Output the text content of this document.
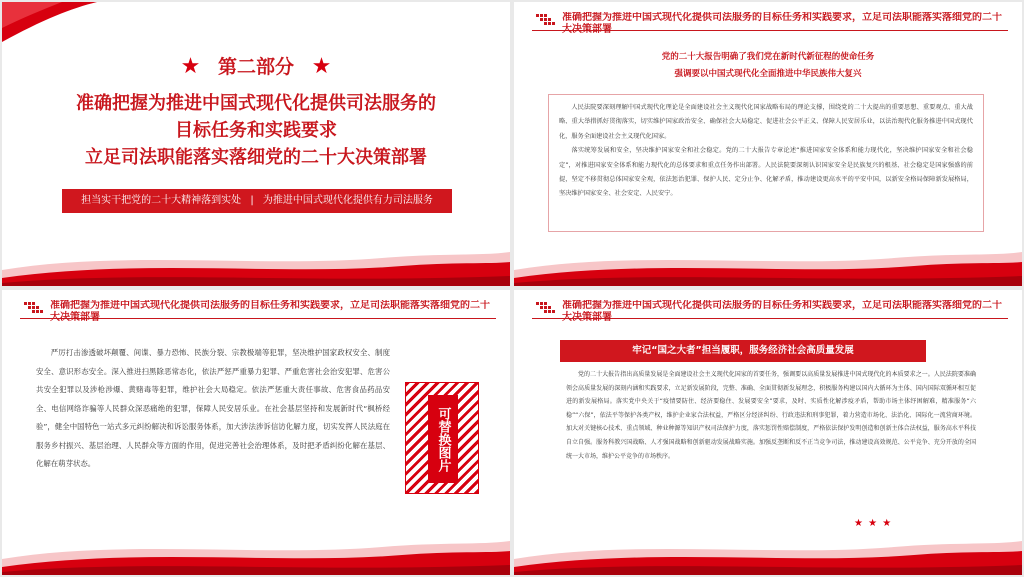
★ 第二部分 ★
准确把握为推进中国式现代化提供司法服务的
目标任务和实践要求
立足司法职能落实落细党的二十大决策部署
担当实干把党的二十大精神落到实处 | 为推进中国式现代化提供有力司法服务
准确把握为推进中国式现代化提供司法服务的目标任务和实践要求，立足司法职能落实落细党的二十
党的二十大报告明确了我们党在新时代新征程的使命任务
强调要以中国式现代化全面推进中华民族伟大复兴
人民法院要深刻理解中国式现代化理论是全面建设社会主义现代化国家战略布局的理论支撑，围绕党的二十大提出的重要思想、重要观点、重大战略、重大举措抓好贯彻落实，切实维护国家政治安全、确保社会大局稳定、促进社会公平正义、保障人民安居乐业，以法治现代化服务推进中国式现代化，服务全面建设社会主义现代化国家。
落实统筹发展和安全，坚决维护国家安全和社会稳定。党的二十大报告专章论述“推进国家安全体系和能力现代化，坚决维护国家安全和社会稳定”，对推进国家安全体系和能力现代化的总体要求和重点任务作出部署。人民法院要深刻认识国家安全是民族复兴的根基、社会稳定是国家强盛的前提，坚定不移贯彻总体国家安全观，依法惩治犯罪、保护人民、定分止争、化解矛盾，推动建设更高水平的平安中国，以新安全格局保障新发展格局，坚决维护国家安全、社会安定、人民安宁。
准确把握为推进中国式现代化提供司法服务的目标任务和实践要求，立足司法职能落实落细党的二十
严厉打击渗透破坏颠覆、间谍、暴力恐怖、民族分裂、宗教极端等犯罪，坚决维护国家政权安全、制度安全、意识形态安全。深入推进扫黑除恶常态化，依法严惩严重暴力犯罪、严重危害社会治安犯罪、危害公共安全犯罪以及涉枪涉爆、黄赌毒等犯罪，维护社会大局稳定。依法严惩重大责任事故、危害食品药品安全、电信网络诈骗等人民群众深恶痛绝的犯罪，保障人民安居乐业。在社会基层坚持和发展新时代“枫桥经验”，健全中国特色一站式多元纠纷解决和诉讼服务体系，加大涉法涉诉信访化解力度，切实发挥人民法庭在服务乡村振兴、基层治理、人民群众等方面的作用，促进完善社会治理体系，及时把矛盾纠纷化解在基层、化解在萌芽状态。	可替换图片
准确把握为推进中国式现代化提供司法服务的目标任务和实践要求，立足司法职能落实落细党的二十
牢记“国之大者”担当履职，服务经济社会高质量发展
党的二十大报告指出高质量发展是全面建设社会主义现代化国家的首要任务，强调要以高质量发展推进中国式现代化的本质要求之一。人民法院要准确领会高质量发展的深刻内涵和实践要求，立足新发展阶段，完整、准确、全面贯彻新发展理念，积极服务构建以国内大循环为主体、国内国际双循环相互促进的新发展格局。落实党中央关于“疫情要防住、经济要稳住、发展要安全”要求，及时、实质性化解涉疫矛盾，帮助市场主体纾困解难，精准服务“六稳”“六保”，依法平等保护各类产权，维护企业家合法权益，严格区分经济纠纷、行政违法和刑事犯罪，着力营造市场化、法治化、国际化一流营商环境。加大对关键核心技术、重点领域、种业种源等知识产权司法保护力度，落实惩罚性赔偿制度，严格依法保护发明创造和创新主体合法权益，服务高水平科技自立自强。服务科教兴国战略、人才强国战略和创新驱动发展战略实施。加强反垄断和反不正当竞争司法，推动建设高效规范、公平竞争、充分开放的全国统一大市场，维护公平竞争的市场秩序。
★ ★ ★
